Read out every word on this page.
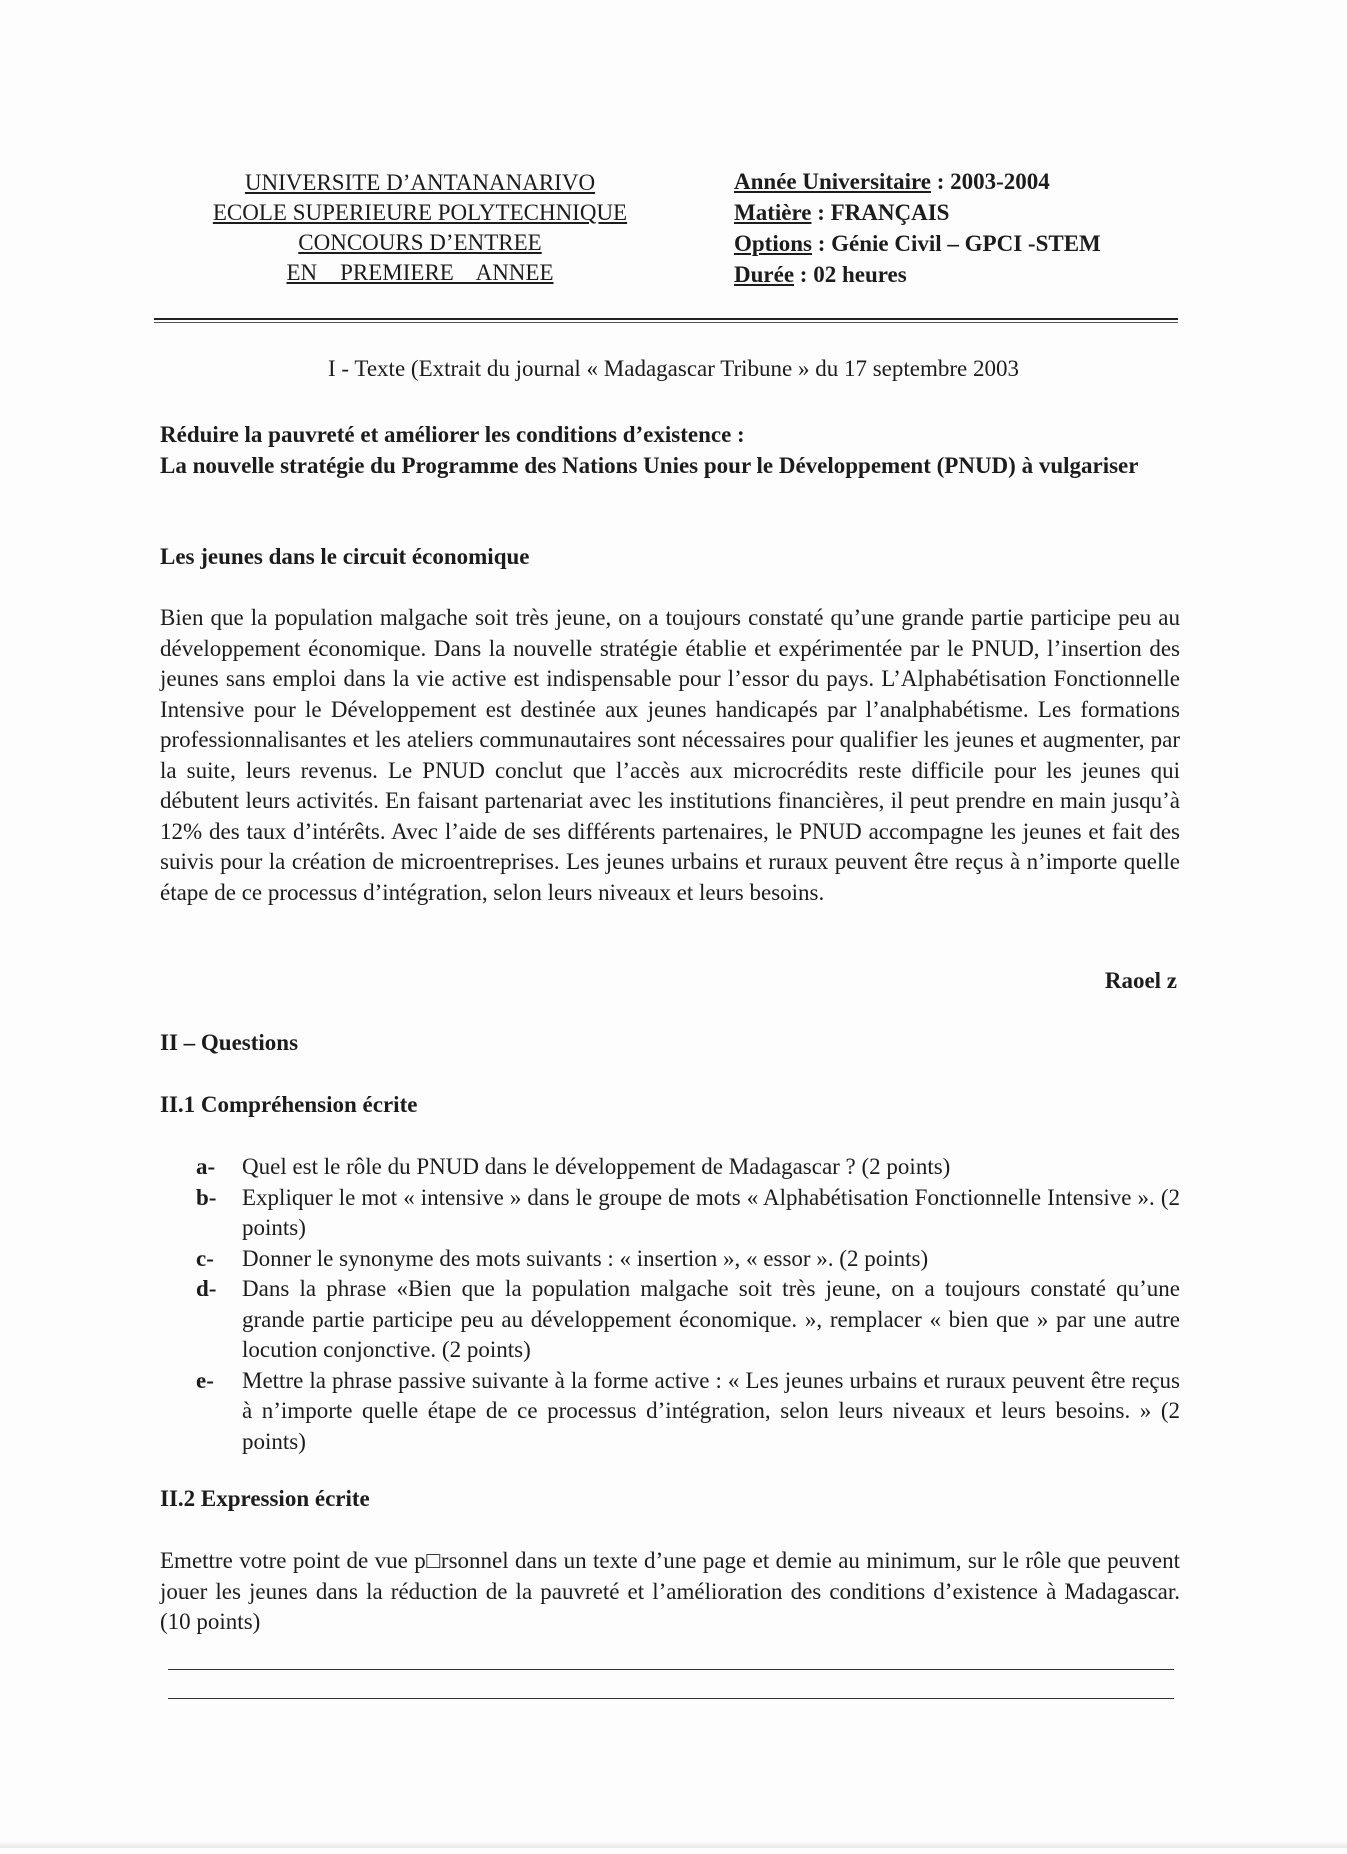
UNIVERSITE D’ANTANANARIVO
ECOLE SUPERIEURE POLYTECHNIQUE
CONCOURS D’ENTREE
EN    PREMIERE    ANNEE
Année Universitaire : 2003-2004
Matière : FRANÇAIS
Options : Génie Civil – GPCI -STEM
Durée : 02 heures
I - Texte (Extrait du journal « Madagascar Tribune » du 17 septembre 2003
Réduire la pauvreté et améliorer les conditions d’existence :
La nouvelle stratégie du Programme des Nations Unies pour le Développement (PNUD) à vulgariser
Les jeunes dans le circuit économique
Bien que la population malgache soit très jeune, on a toujours constaté qu’une grande partie participe peu au développement économique. Dans la nouvelle stratégie établie et expérimentée par le PNUD, l’insertion des jeunes sans emploi dans la vie active est indispensable pour l’essor du pays. L’Alphabétisation Fonctionnelle Intensive pour le Développement est destinée aux jeunes handicapés par l’analphabétisme. Les formations professionnalisantes et les ateliers communautaires sont nécessaires pour qualifier les jeunes et augmenter, par la suite, leurs revenus. Le PNUD conclut que l’accès aux microcrédits reste difficile pour les jeunes qui débutent leurs activités. En faisant partenariat avec les institutions financières, il peut prendre en main jusqu’à 12% des taux d’intérêts. Avec l’aide de ses différents partenaires, le PNUD accompagne les jeunes et fait des suivis pour la création de microentreprises. Les jeunes urbains et ruraux peuvent être reçus à n’importe quelle étape de ce processus d’intégration, selon leurs niveaux et leurs besoins.
Raoel z
II – Questions
II.1 Compréhension écrite
a-	Quel est le rôle du PNUD dans le développement de Madagascar ? (2 points)
b-	Expliquer le mot « intensive » dans le groupe de mots « Alphabétisation Fonctionnelle Intensive ». (2 points)
c-	Donner le synonyme des mots suivants : « insertion », « essor ». (2 points)
d-	Dans la phrase «Bien que la population malgache soit très jeune, on a toujours constaté qu’une grande partie participe peu au développement économique. », remplacer « bien que » par une autre locution conjonctive. (2 points)
e-	Mettre la phrase passive suivante à la forme active : « Les jeunes urbains et ruraux peuvent être reçus à n’importe quelle étape de ce processus d’intégration, selon leurs niveaux et leurs besoins. » (2 points)
II.2 Expression écrite
Emettre votre point de vue p□rsonnel dans un texte d’une page et demie au minimum, sur le rôle que peuvent jouer les jeunes dans la réduction de la pauvreté et l’amélioration des conditions d’existence à Madagascar. (10 points)
